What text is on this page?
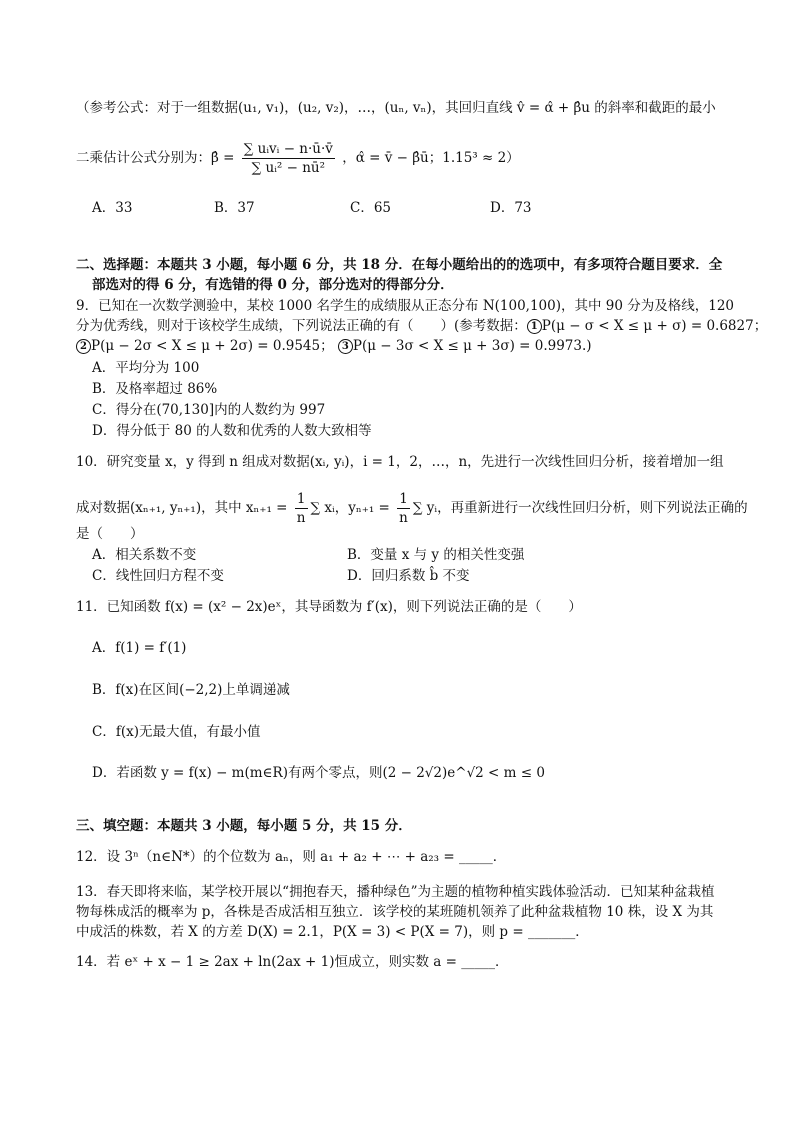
（参考公式：对于一组数据(u₁, v₁)，(u₂, v₂)，…，(uₙ, vₙ)，其回归直线 v̂ = α̂ + β̂u 的斜率和截距的最小
二乘估计公式分别为：β̂ = $\frac{\text{∑ uᵢvᵢ − n·ū·v̄}}{\text{∑ uᵢ² − nū²}}$ ，α̂ = v̄ − β̂ū；1.15³ ≈ 2）
A．33	B．37	C．65	D．73
二、选择题：本题共 3 小题，每小题 6 分，共 18 分．在每小题给出的的选项中，有多项符合题目要求．全
部选对的得 6 分，有选错的得 0 分，部分选对的得部分分．
9．已知在一次数学测验中，某校 1000 名学生的成绩服从正态分布 N(100,100)，其中 90 分为及格线，120
分为优秀线，则对于该校学生成绩，下列说法正确的有（　　）(参考数据： 1 P(μ − σ < X ≤ μ + σ) = 0.6827；
2 P(μ − 2σ < X ≤ μ + 2σ) = 0.9545； 3 P(μ − 3σ < X ≤ μ + 3σ) = 0.9973.)
A．平均分为 100
B．及格率超过 86%
C．得分在(70,130]内的人数约为 997
D．得分低于 80 的人数和优秀的人数大致相等
10．研究变量 x，y 得到 n 组成对数据(xᵢ, yᵢ)，i = 1，2，…，n，先进行一次线性回归分析，接着增加一组
成对数据(xₙ₊₁, yₙ₊₁)，其中 $x_{n+1} = \frac{1}{n}$ ∑ xᵢ，$y_{n+1} = \frac{1}{n}$ ∑ yᵢ，再重新进行一次线性回归分析，则下列说法正确的
是（　　）
A．相关系数不变	B．变量 x 与 y 的相关性变强
C．线性回归方程不变	D．回归系数 b̂ 不变
11．已知函数 f(x) = (x² − 2x)eˣ，其导函数为 f′(x)，则下列说法正确的是（　　）
A．f(1) = f′(1)
B．f(x)在区间(−2,2)上单调递减
C．f(x)无最大值，有最小值
D．若函数 y = f(x) − m(m∈R)有两个零点，则(2 − 2√2)e^√2 < m ≤ 0
三、填空题：本题共 3 小题，每小题 5 分，共 15 分．
12．设 3ⁿ（n∈N*）的个位数为 aₙ，则 a₁ + a₂ + ⋯ + a₂₃ = _____．
13．春天即将来临，某学校开展以“拥抱春天，播种绿色”为主题的植物种植实践体验活动．已知某种盆栽植
物每株成活的概率为 p，各株是否成活相互独立．该学校的某班随机领养了此种盆栽植物 10 株，设 X 为其
中成活的株数，若 X 的方差 D(X) = 2.1，P(X = 3) < P(X = 7)，则 p = _______．
14．若 eˣ + x − 1 ≥ 2ax + ln(2ax + 1)恒成立，则实数 a = _____．
